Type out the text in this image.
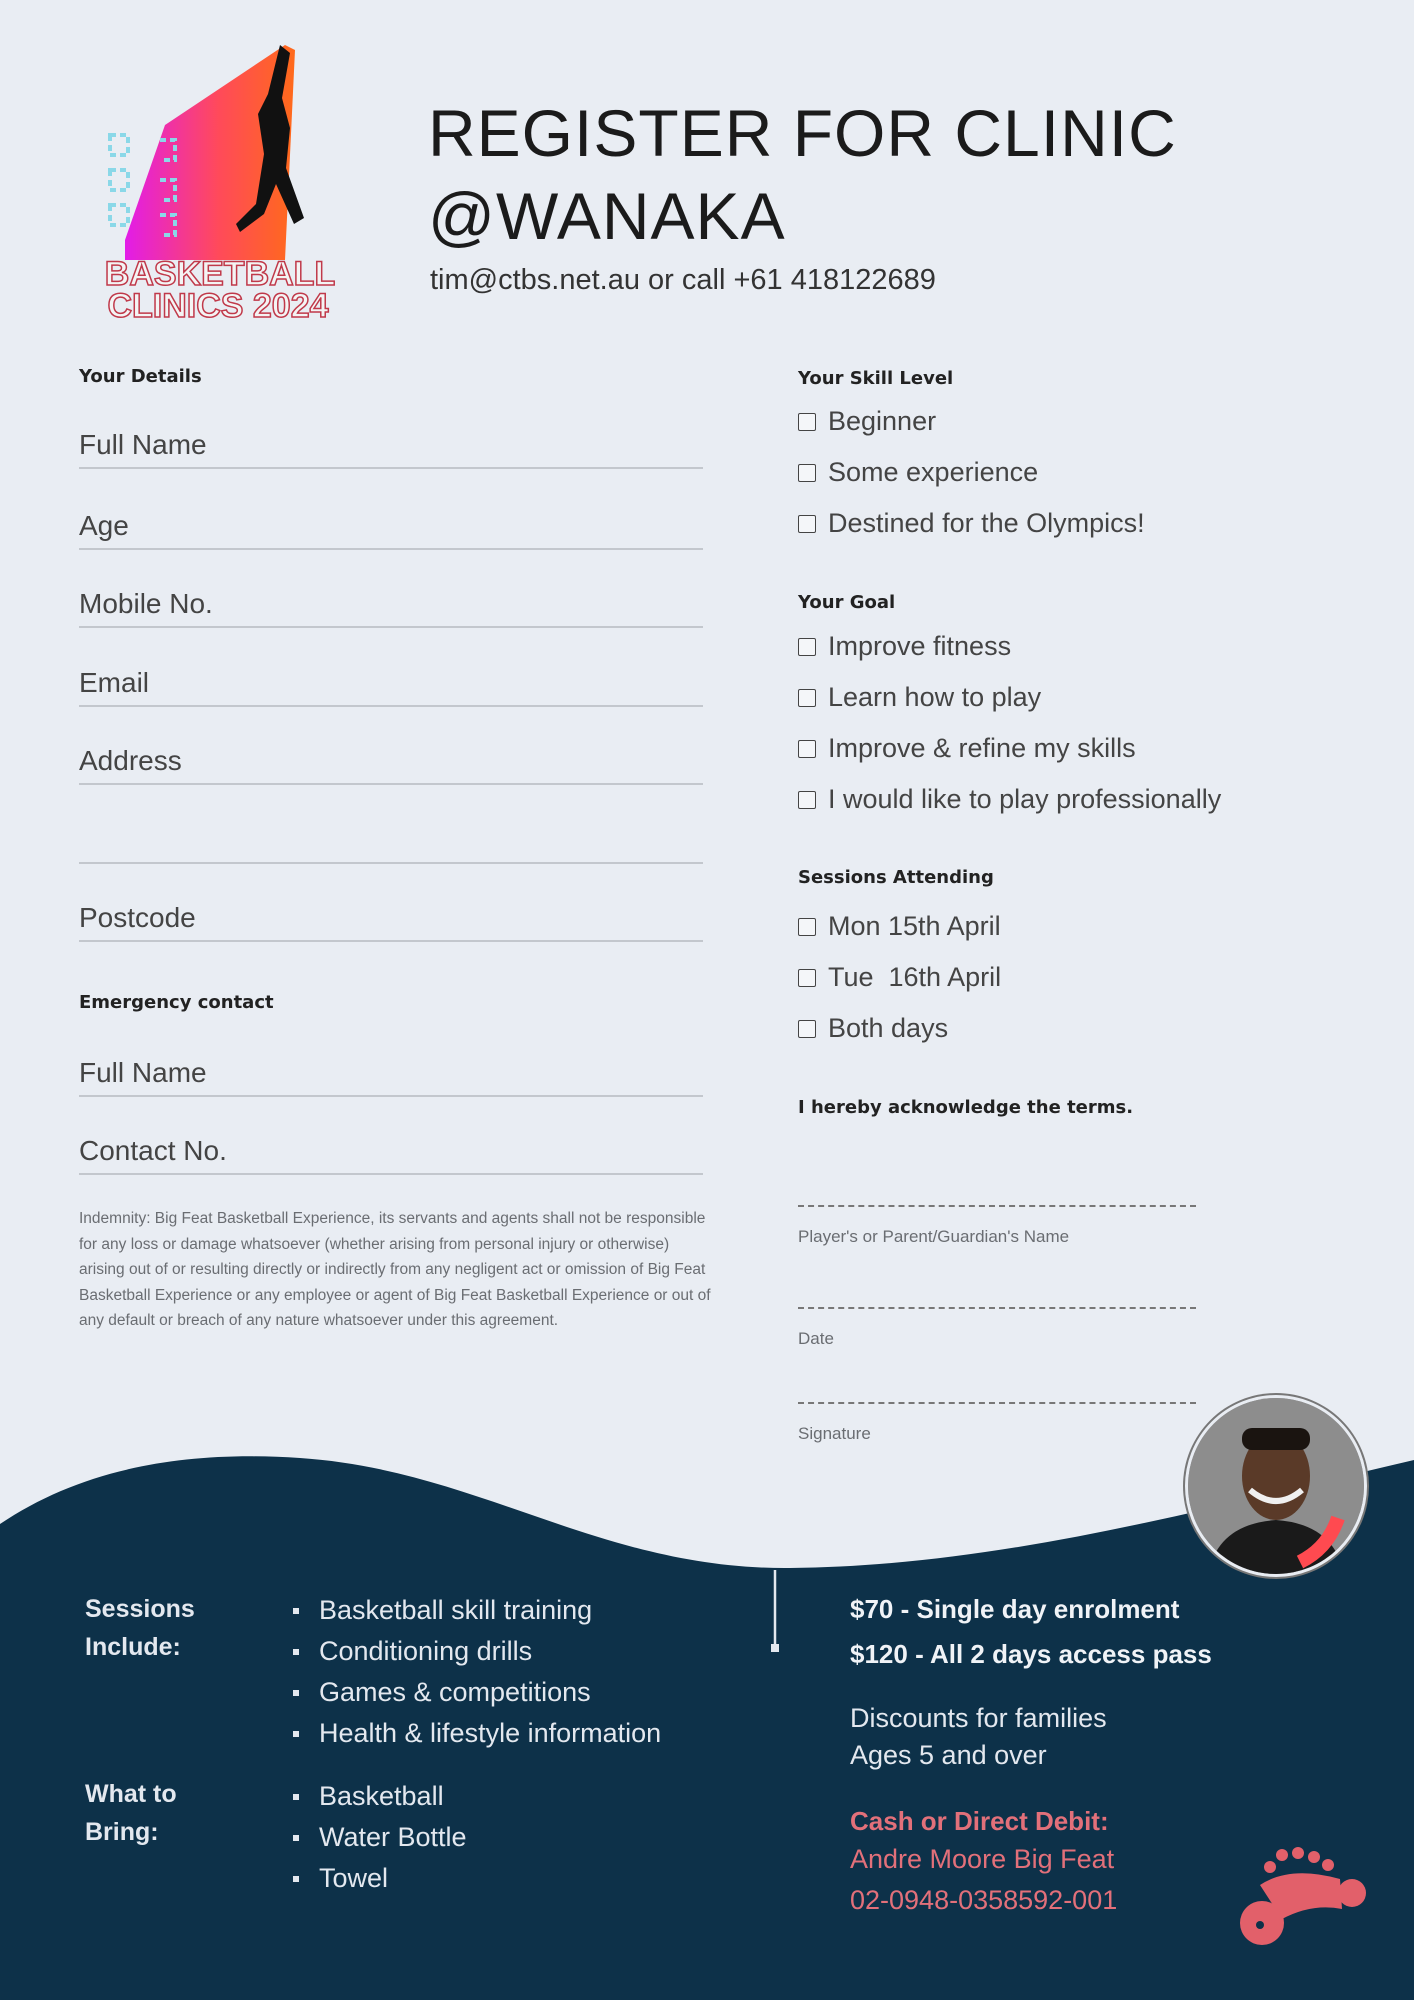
BASKETBALL
CLINICS 2024
REGISTER FOR CLINIC
@WANAKA
tim@ctbs.net.au or call +61 418122689
Your Details
Full Name
Age
Mobile No.
Email
Address
Postcode
Emergency contact
Full Name
Contact No.
Indemnity: Big Feat Basketball Experience, its servants and agents shall not be responsible for any loss or damage whatsoever (whether arising from personal injury or otherwise) arising out of or resulting directly or indirectly from any negligent act or omission of Big Feat Basketball Experience or any employee or agent of Big Feat Basketball Experience or out of any default or breach of any nature whatsoever under this agreement.
Your Skill Level
Beginner
Some experience
Destined for the Olympics!
Your Goal
Improve fitness
Learn how to play
Improve & refine my skills
I would like to play professionally
Sessions Attending
Mon 15th April
Tue  16th April
Both days
I hereby acknowledge the terms.
Player's or Parent/Guardian's Name
Date
Signature
Sessions Include:
Basketball skill training
Conditioning drills
Games & competitions
Health & lifestyle information
What to Bring:
Basketball
Water Bottle
Towel
$70 - Single day enrolment
$120 - All 2 days access pass
Discounts for families
Ages 5 and over
Cash or Direct Debit:
Andre Moore Big Feat
02-0948-0358592-001
